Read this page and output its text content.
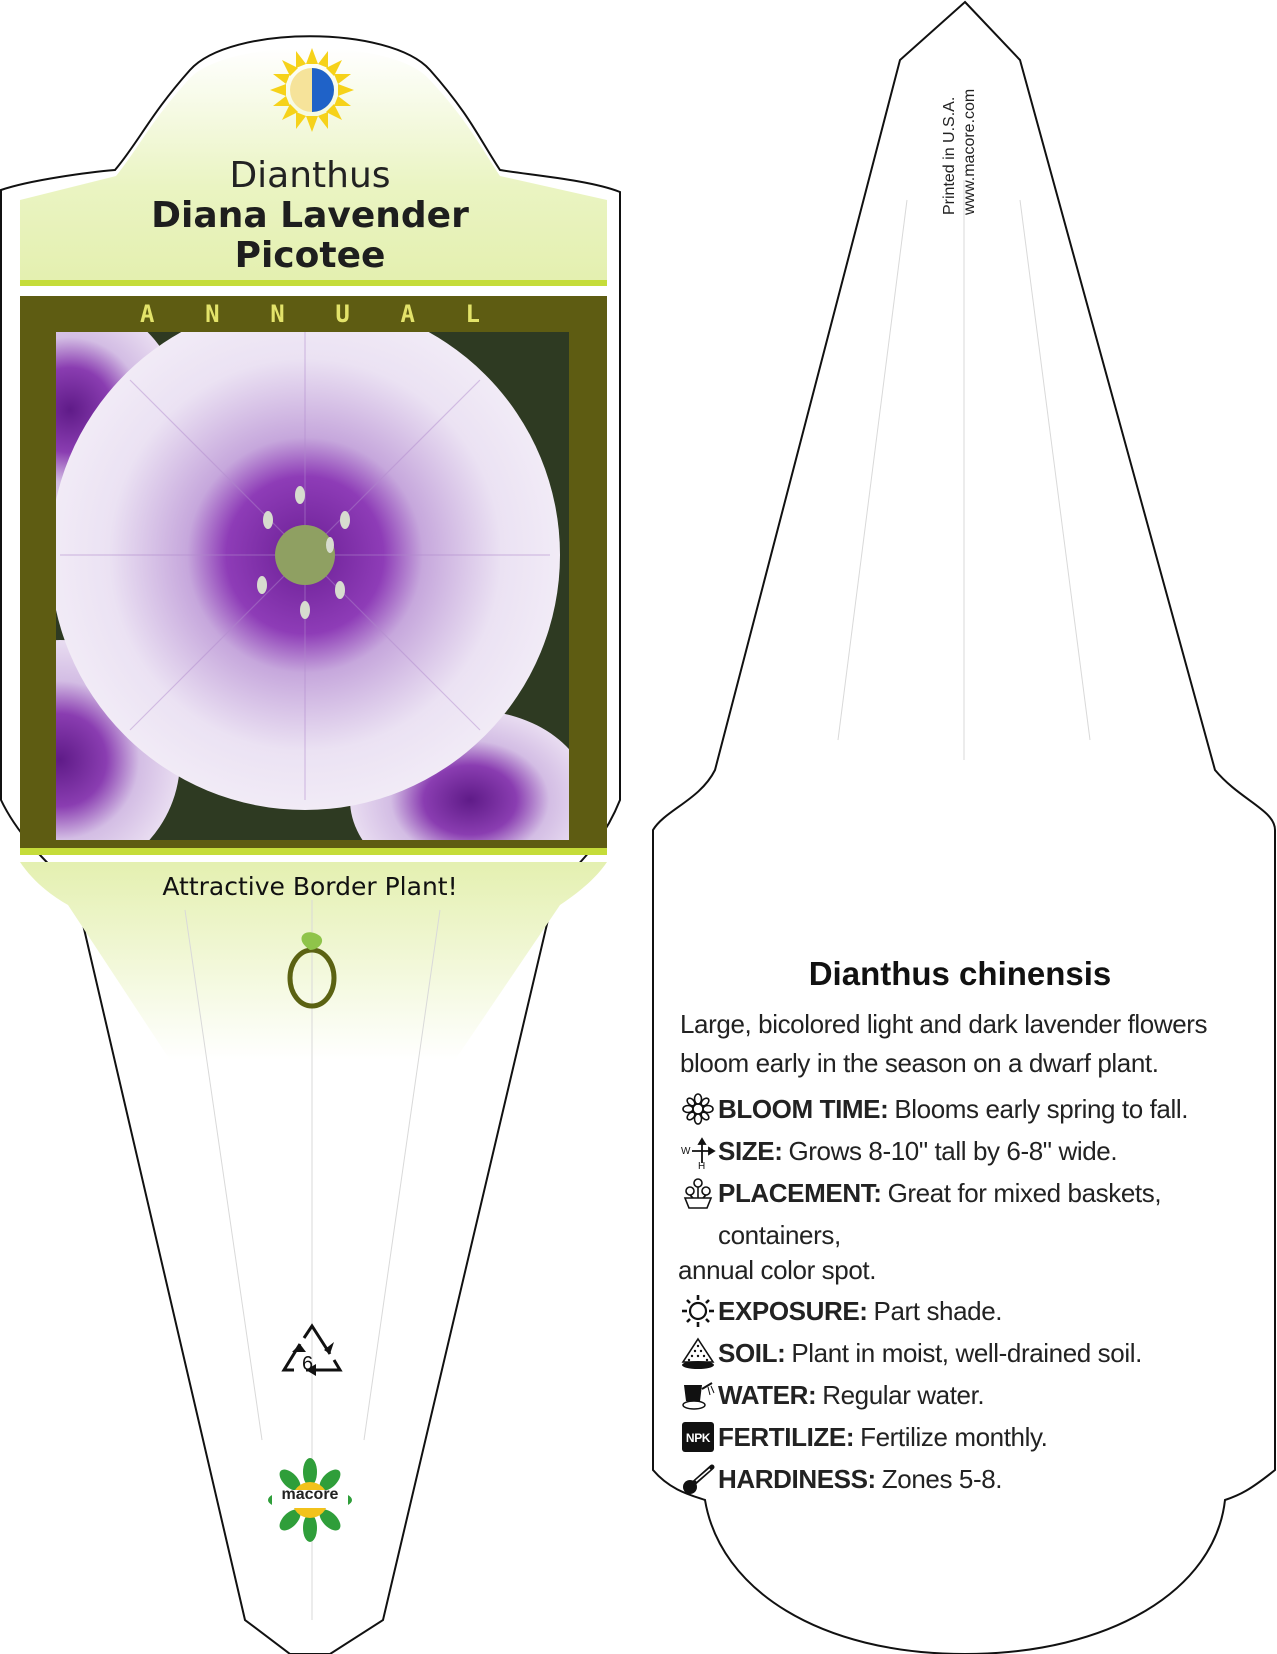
Dianthus
Diana Lavender
Picotee
A N N U A L
Attractive Border Plant!
6
macore
Printed in U.S.A. www.macore.com
Dianthus chinensis
Large, bicolored light and dark lavender flowers bloom early in the season on a dwarf plant.
BLOOM TIME: Blooms early spring to fall.
W
H
SIZE: Grows 8-10" tall by 6-8" wide.
PLACEMENT: Great for mixed baskets, containers,
annual color spot.
EXPOSURE: Part shade.
SOIL: Plant in moist, well-drained soil.
WATER: Regular water.
NPK FERTILIZE: Fertilize monthly.
HARDINESS: Zones 5-8.
